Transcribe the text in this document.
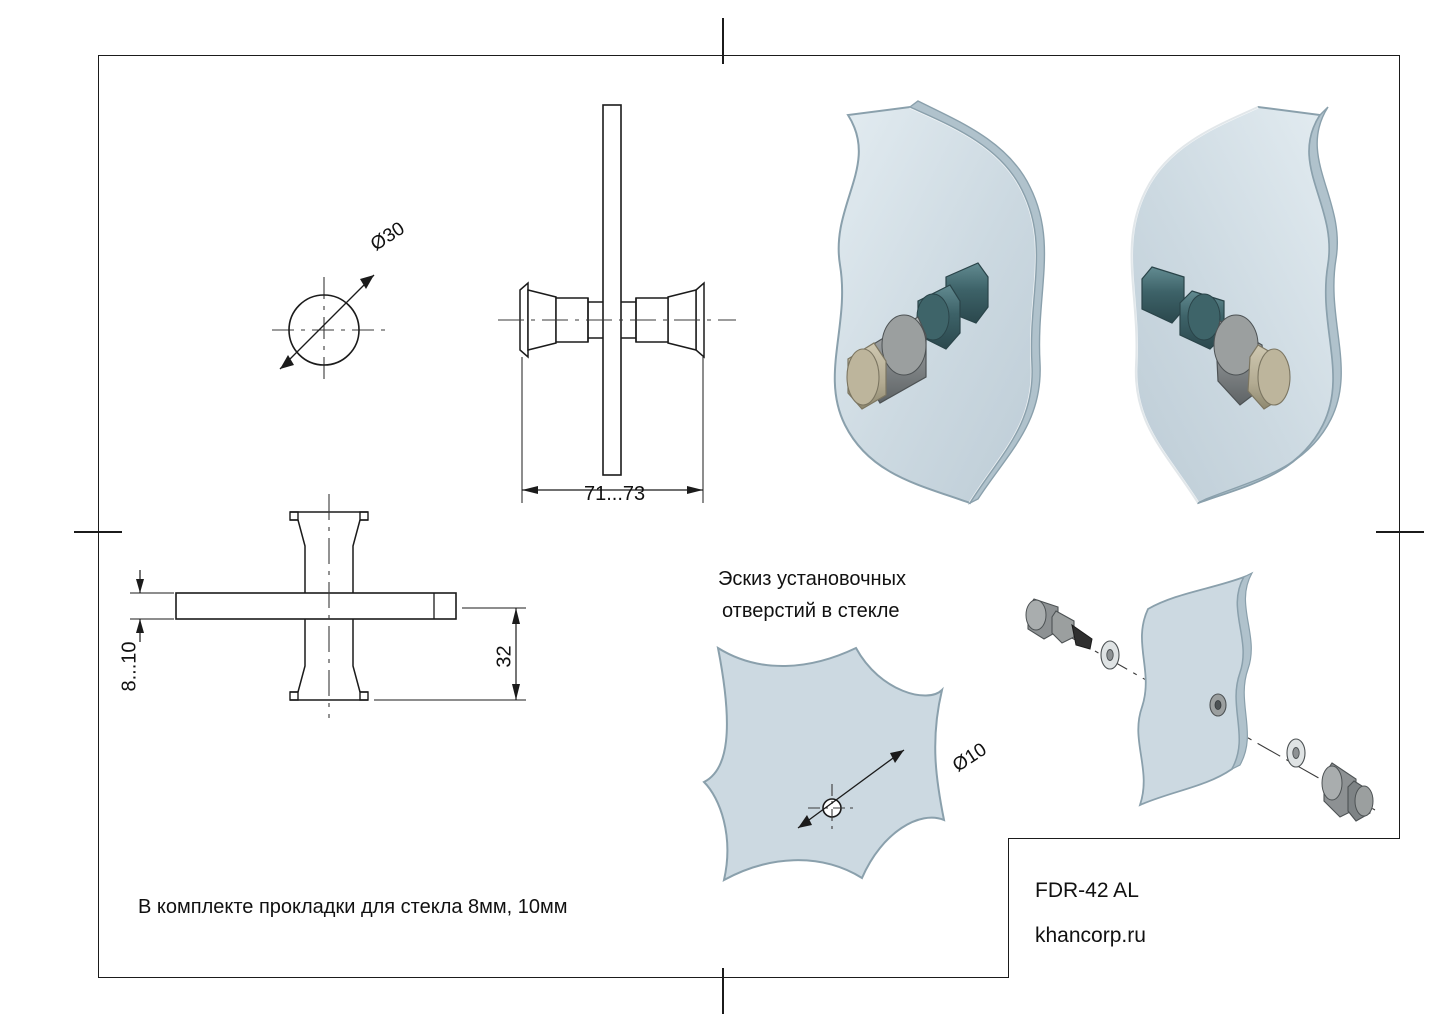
Ø30
71...73
8...10	32
Эскиз установочных
отверстий в стекле
Ø10
В комплекте прокладки для стекла 8мм, 10мм
FDR-42 AL
khancorp.ru
